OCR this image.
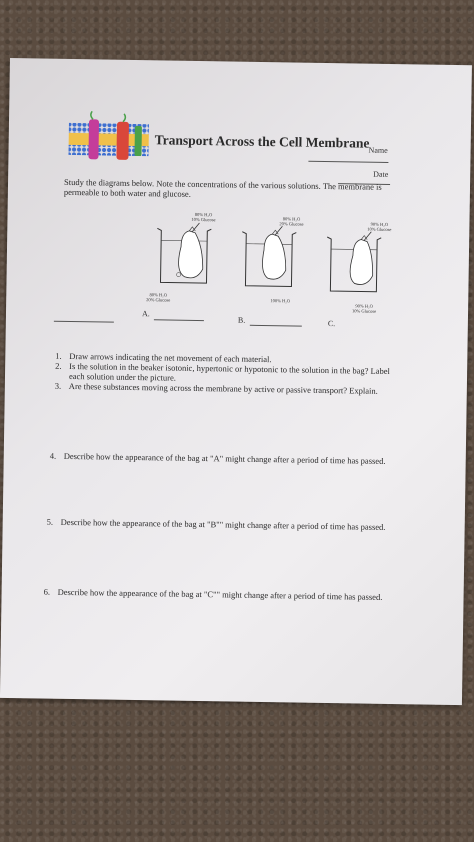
Transport Across the Cell Membrane
Name
Date
Study the diagrams below. Note the concentrations of the various solutions. The membrane is permeable to both water and glucose.
80% H₂O
10% Glucose
80% H₂O
20% Glucose
A.
80% H₂O
20% Glucose
100% H₂O
B.
90% H₂O
10% Glucose
90% H₂O
10% Glucose
C.
1. Draw arrows indicating the net movement of each material.
2. Is the solution in the beaker isotonic, hypertonic or hypotonic to the solution in the bag? Label each solution under the picture.
3. Are these substances moving across the membrane by active or passive transport? Explain.
4. Describe how the appearance of the bag at "A" might change after a period of time has passed.
5. Describe how the appearance of the bag at "B"" might change after a period of time has passed.
6. Describe how the appearance of the bag at "C"" might change after a period of time has passed.
